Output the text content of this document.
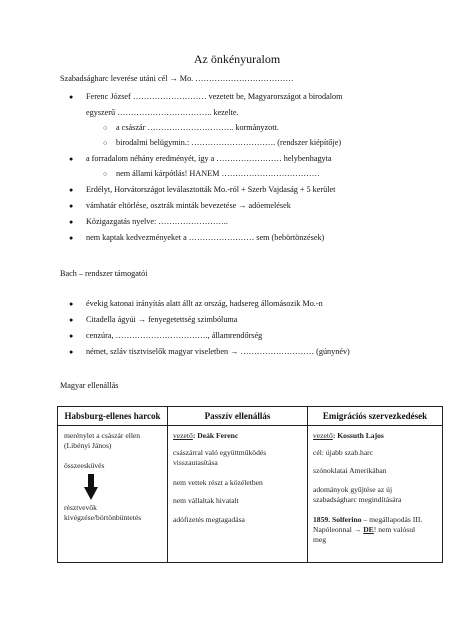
Az önkényuralom
Szabadságharc leverése utáni cél → Mo. ………………………………
● Ferenc József ……………………… vezetett be, Magyarországot a birodalom
egyszerű …………………………….. kezelte.
○ a császár ………………………….. kormányzott.
○ birodalmi belügymin.: …………………………. (rendszer kiépítője)
● a forradalom néhány eredményét, így a …………………… helybenhagyta
○ nem állami kárpótlás! HANEM ………………………………
● Erdélyt, Horvátországot leválasztották Mo.-ról + Szerb Vajdaság + 5 kerület
● vámhatár eltörlése, osztrák minták bevezetése → adóemelések
● Közigazgatás nyelve: ……………………..
● nem kaptak kedvezményeket a …………………… sem (bebörtönzések)
Bach – rendszer támogatói
● évekig katonai irányítás alatt állt az ország, hadsereg állomásozik Mo.-n
● Citadella ágyúi → fenyegetettség szimbóluma
● cenzúra, ……………………………., államrendőrség
● német, szláv tisztviselők magyar viseletben → ……………………… (gúnynév)
Magyar ellenállás
Habsburg-ellenes harcok
merénylet a császár ellen
(Libényi János)
összeesküvés
résztvevők
kivégzése/börtönbüntetés
Passzív ellenállás
vezető: Deák Ferenc
császárral való együttműködés
visszautasítása
nem vettek részt a közéletben
nem vállaltak hivatalt
adófizetés megtagadása
Emigrációs szervezkedések
vezető: Kossuth Lajos
cél: újabb szab.harc
szónoklatai Amerikában
adományok gyűjtése az új
szabadságharc megindítására
1859. Solferino – megállapodás III.
Napóleonnal → DE! nem valósul
meg
